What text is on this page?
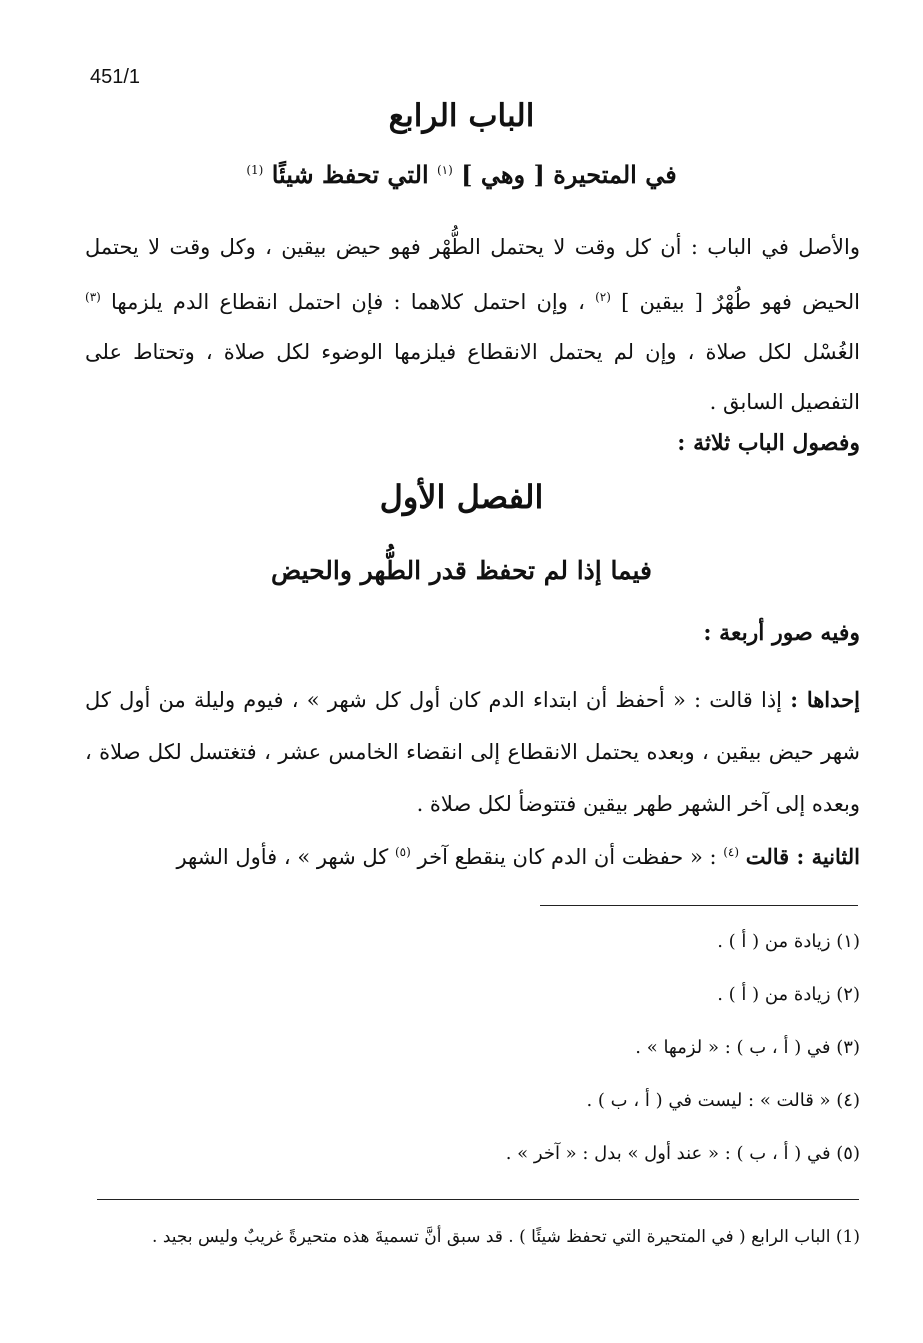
451/1
الباب الرابع
في المتحيرة [ وهي ] $^{(١)}$ التي تحفظ شيئًا $^{(1)}$
والأصل في الباب : أن كل وقت لا يحتمل الطُّهْر فهو حيض بيقين ، وكل وقت لا يحتمل الحيض فهو طُهْرٌ [ بيقين ] $^{(٢)}$ ، وإن احتمل كلاهما : فإن احتمل انقطاع الدم يلزمها $^{(٣)}$ الغُسْل لكل صلاة ، وإن لم يحتمل الانقطاع فيلزمها الوضوء لكل صلاة ، وتحتاط على التفصيل السابق .
وفصول الباب ثلاثة :
الفصل الأول
فيما إذا لم تحفظ قدر الطُّهر والحيض
وفيه صور أربعة :
إحداها : إذا قالت : « أحفظ أن ابتداء الدم كان أول كل شهر » ، فيوم وليلة من أول كل شهر حيض بيقين ، وبعده يحتمل الانقطاع إلى انقضاء الخامس عشر ، فتغتسل لكل صلاة ، وبعده إلى آخر الشهر طهر بيقين فتتوضأ لكل صلاة .
الثانية : قالت $^{(٤)}$ : « حفظت أن الدم كان ينقطع آخر $^{(٥)}$ كل شهر » ، فأول الشهر
(١) زيادة من ( أ ) .
(٢) زيادة من ( أ ) .
(٣) في ( أ ، ب ) : « لزمها » .
(٤) « قالت » : ليست في ( أ ، ب ) .
(٥) في ( أ ، ب ) : « عند أول » بدل : « آخر » .
(1) الباب الرابع ( في المتحيرة التي تحفظ شيئًا ) . قد سبق أنَّ تسميةَ هذه متحيرةً غريبٌ وليس بجيد .
